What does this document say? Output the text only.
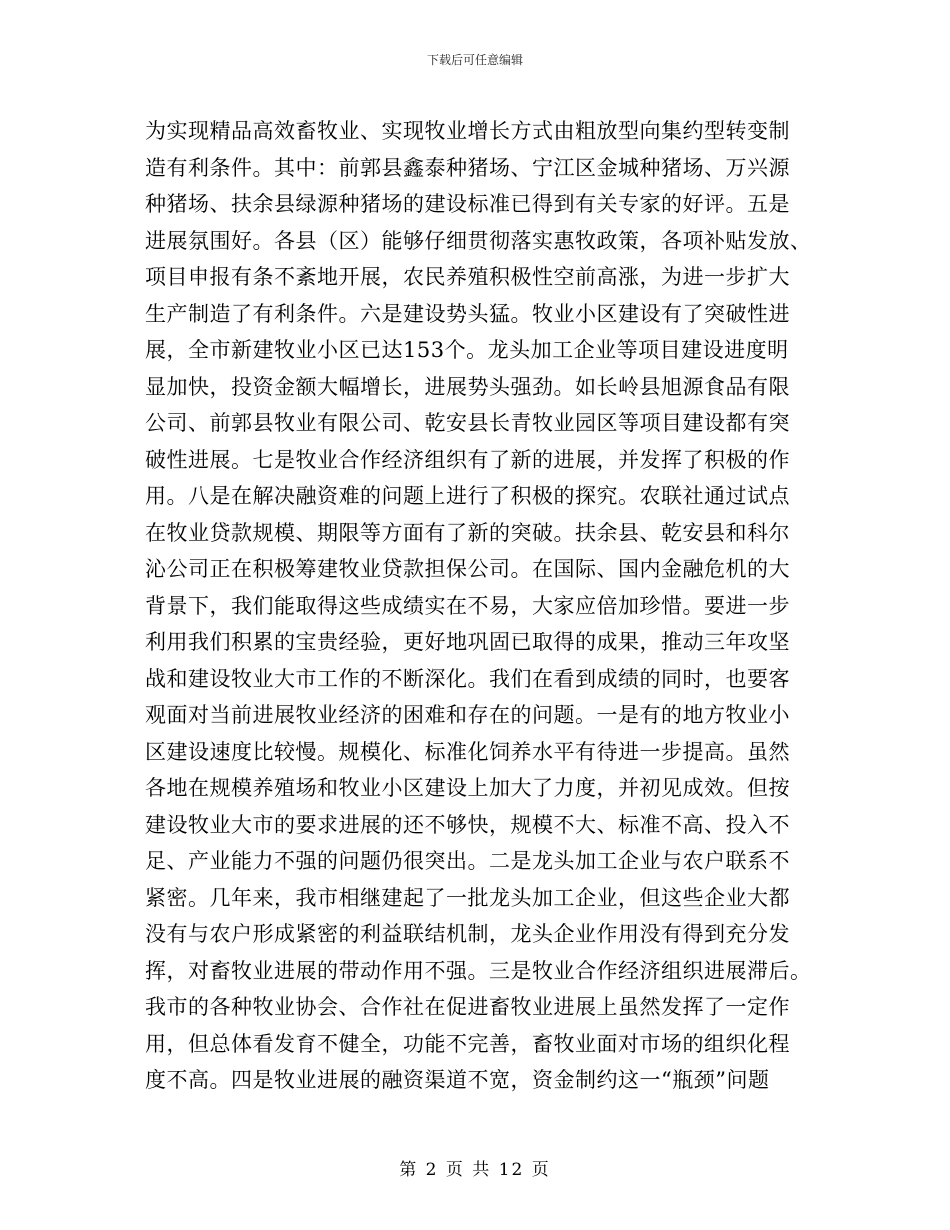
下载后可任意编辑
为实现精品高效畜牧业、实现牧业增长方式由粗放型向集约型转变制
造有利条件。其中：前郭县鑫泰种猪场、宁江区金城种猪场、万兴源
种猪场、扶余县绿源种猪场的建设标准已得到有关专家的好评。五是
进展氛围好。各县（区）能够仔细贯彻落实惠牧政策，各项补贴发放、
项目申报有条不紊地开展，农民养殖积极性空前高涨，为进一步扩大
生产制造了有利条件。六是建设势头猛。牧业小区建设有了突破性进
展，全市新建牧业小区已达153个。龙头加工企业等项目建设进度明
显加快，投资金额大幅增长，进展势头强劲。如长岭县旭源食品有限
公司、前郭县牧业有限公司、乾安县长青牧业园区等项目建设都有突
破性进展。七是牧业合作经济组织有了新的进展，并发挥了积极的作
用。八是在解决融资难的问题上进行了积极的探究。农联社通过试点
在牧业贷款规模、期限等方面有了新的突破。扶余县、乾安县和科尔
沁公司正在积极筹建牧业贷款担保公司。在国际、国内金融危机的大
背景下，我们能取得这些成绩实在不易，大家应倍加珍惜。要进一步
利用我们积累的宝贵经验，更好地巩固已取得的成果，推动三年攻坚
战和建设牧业大市工作的不断深化。我们在看到成绩的同时，也要客
观面对当前进展牧业经济的困难和存在的问题。一是有的地方牧业小
区建设速度比较慢。规模化、标准化饲养水平有待进一步提高。虽然
各地在规模养殖场和牧业小区建设上加大了力度，并初见成效。但按
建设牧业大市的要求进展的还不够快，规模不大、标准不高、投入不
足、产业能力不强的问题仍很突出。二是龙头加工企业与农户联系不
紧密。几年来，我市相继建起了一批龙头加工企业，但这些企业大都
没有与农户形成紧密的利益联结机制，龙头企业作用没有得到充分发
挥，对畜牧业进展的带动作用不强。三是牧业合作经济组织进展滞后。
我市的各种牧业协会、合作社在促进畜牧业进展上虽然发挥了一定作
用，但总体看发育不健全，功能不完善，畜牧业面对市场的组织化程
度不高。四是牧业进展的融资渠道不宽，资金制约这一“瓶颈”问题
第 2 页 共 12 页
